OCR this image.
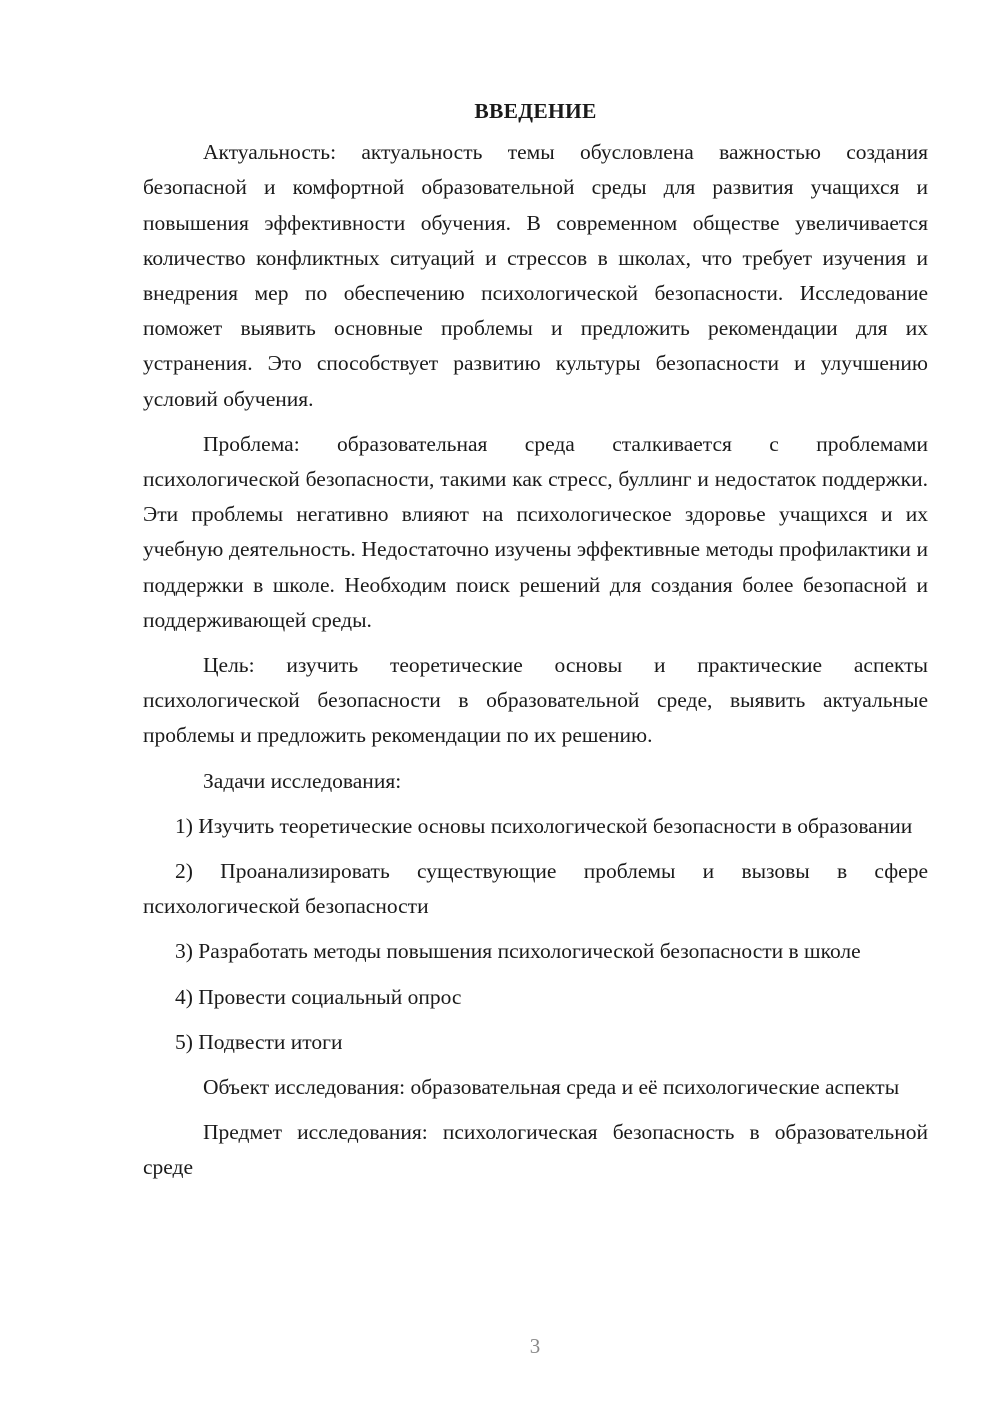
ВВЕДЕНИЕ

Актуальность: актуальность темы обусловлена важностью создания безопасной и комфортной образовательной среды для развития учащихся и повышения эффективности обучения. В современном обществе увеличивается количество конфликтных ситуаций и стрессов в школах, что требует изучения и внедрения мер по обеспечению психологической безопасности. Исследование поможет выявить основные проблемы и предложить рекомендации для их устранения. Это способствует развитию культуры безопасности и улучшению условий обучения.

Проблема: образовательная среда сталкивается с проблемами психологической безопасности, такими как стресс, буллинг и недостаток поддержки. Эти проблемы негативно влияют на психологическое здоровье учащихся и их учебную деятельность. Недостаточно изучены эффективные методы профилактики и поддержки в школе. Необходим поиск решений для создания более безопасной и поддерживающей среды.

Цель: изучить теоретические основы и практические аспекты психологической безопасности в образовательной среде, выявить актуальные проблемы и предложить рекомендации по их решению.

Задачи исследования:

1) Изучить теоретические основы психологической безопасности в образовании

2) Проанализировать существующие проблемы и вызовы в сфере психологической безопасности

3) Разработать методы повышения психологической безопасности в школе

4) Провести социальный опрос

5) Подвести итоги

Объект исследования: образовательная среда и её психологические аспекты

Предмет исследования: психологическая безопасность в образовательной среде

3
